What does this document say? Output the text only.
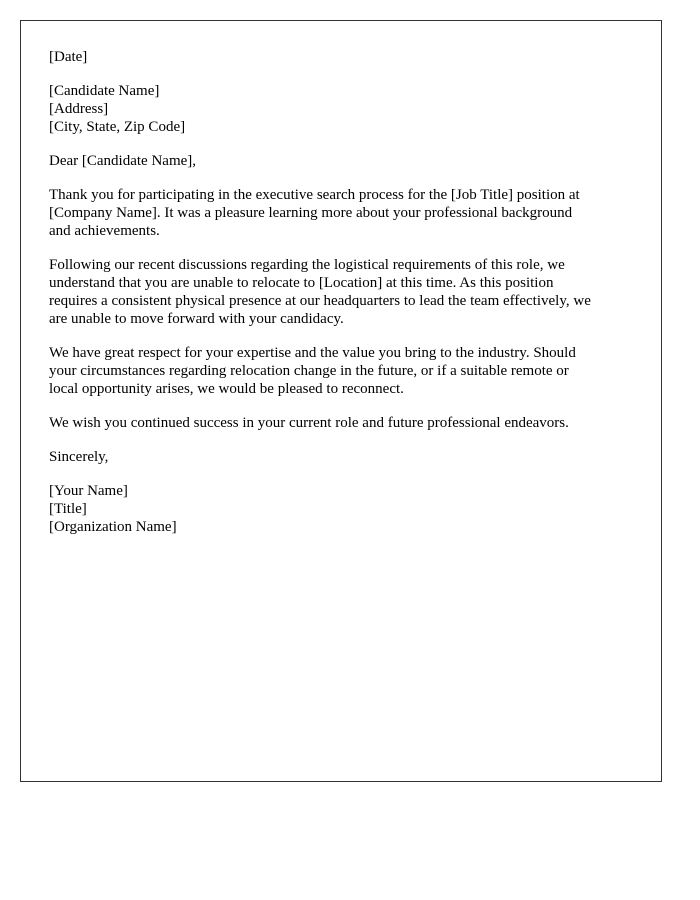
[Date]

[Candidate Name]
[Address]
[City, State, Zip Code]

Dear [Candidate Name],

Thank you for participating in the executive search process for the [Job Title] position at
[Company Name]. It was a pleasure learning more about your professional background
and achievements.

Following our recent discussions regarding the logistical requirements of this role, we
understand that you are unable to relocate to [Location] at this time. As this position
requires a consistent physical presence at our headquarters to lead the team effectively, we
are unable to move forward with your candidacy.

We have great respect for your expertise and the value you bring to the industry. Should
your circumstances regarding relocation change in the future, or if a suitable remote or
local opportunity arises, we would be pleased to reconnect.

We wish you continued success in your current role and future professional endeavors.

Sincerely,

[Your Name]
[Title]
[Organization Name]
